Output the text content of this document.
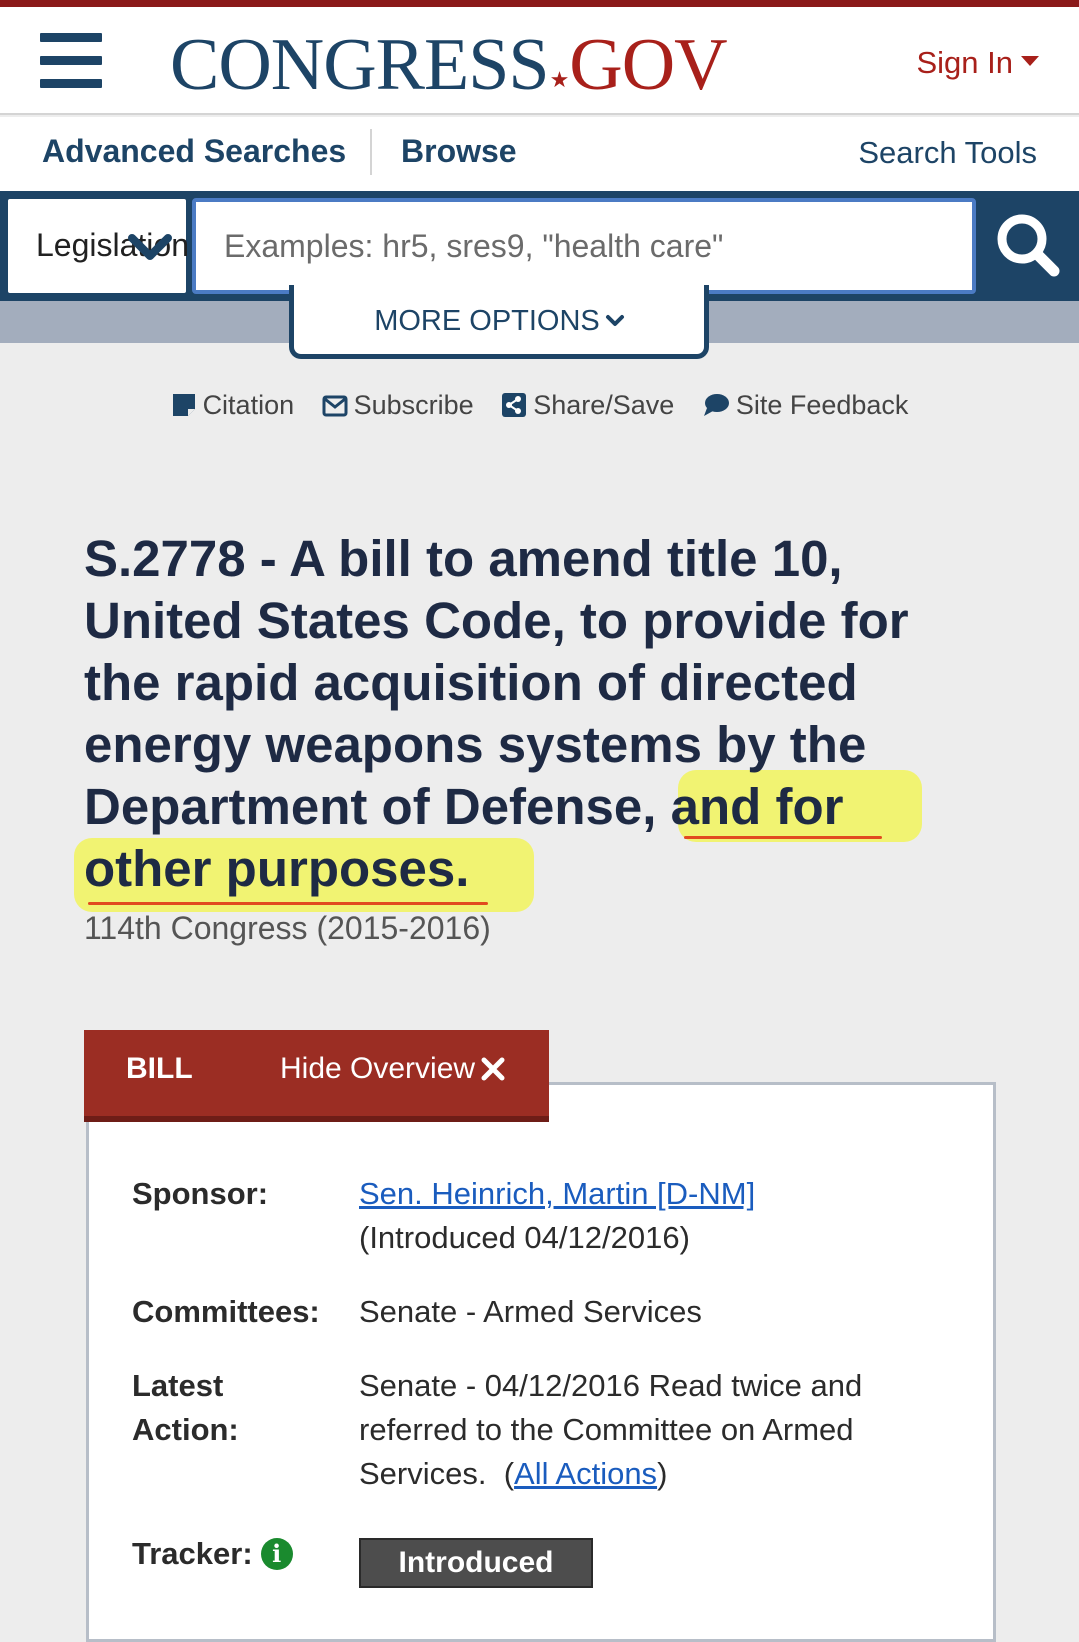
CONGRESS★GOV	Sign In
Advanced Searches Browse	Search Tools
Legislation
Examples: hr5, sres9, "health care"
MORE OPTIONS
Citation Subscribe Share/Save Site Feedback
S.2778 - A bill to amend title 10, United States Code, to provide for the rapid acquisition of directed energy weapons systems by the Department of Defense, and for other purposes.
114th Congress (2015-2016)
BILL	Hide Overview
Sponsor:	Sen. Heinrich, Martin [D-NM]
(Introduced 04/12/2016)
Committees: Senate - Armed Services
Latest
Action:
Senate - 04/12/2016 Read twice and
referred to the Committee on Armed
Services.  (All Actions)
Tracker: i	Introduced
